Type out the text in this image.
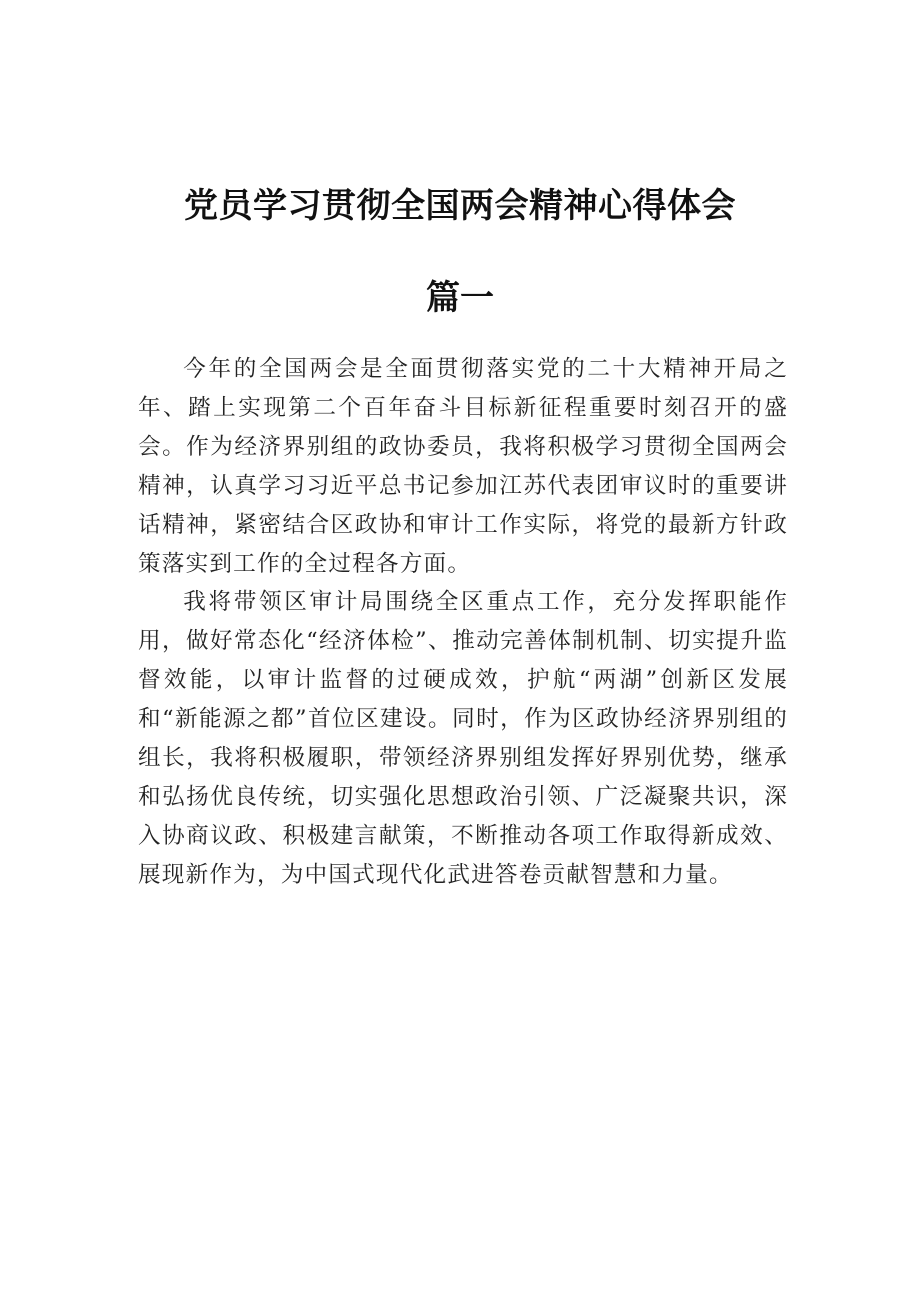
党员学习贯彻全国两会精神心得体会
篇一

今年的全国两会是全面贯彻落实党的二十大精神开局之年、踏上实现第二个百年奋斗目标新征程重要时刻召开的盛会。作为经济界别组的政协委员，我将积极学习贯彻全国两会精神，认真学习习近平总书记参加江苏代表团审议时的重要讲话精神，紧密结合区政协和审计工作实际，将党的最新方针政策落实到工作的全过程各方面。

我将带领区审计局围绕全区重点工作，充分发挥职能作用，做好常态化“经济体检”、推动完善体制机制、切实提升监督效能，以审计监督的过硬成效，护航“两湖”创新区发展和“新能源之都”首位区建设。同时，作为区政协经济界别组的组长，我将积极履职，带领经济界别组发挥好界别优势，继承和弘扬优良传统，切实强化思想政治引领、广泛凝聚共识，深入协商议政、积极建言献策，不断推动各项工作取得新成效、展现新作为，为中国式现代化武进答卷贡献智慧和力量。
